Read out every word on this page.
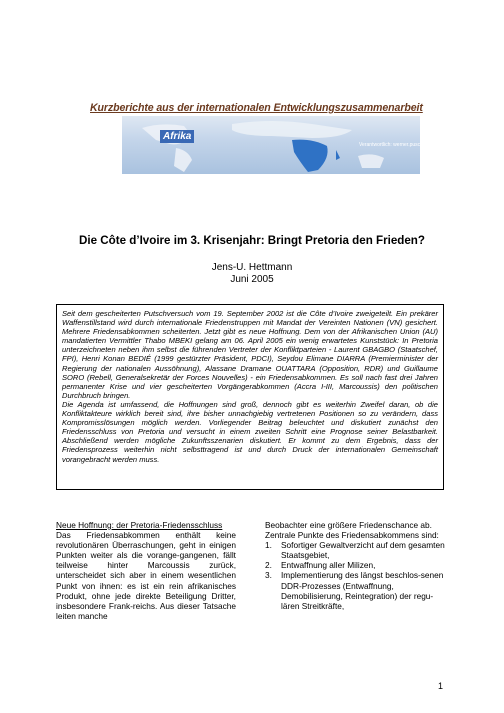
Kurzberichte aus der internationalen Entwicklungszusammenarbeit
Afrika
Verantwortlich: werner.puschra@fes.de
Die Côte d’Ivoire im 3. Krisenjahr: Bringt Pretoria den Frieden?
Jens-U. Hettmann
Juni 2005

Seit dem gescheiterten Putschversuch vom 19. September 2002 ist die Côte d’Ivoire zweigeteilt. Ein prekärer Waffenstillstand wird durch internationale Friedenstruppen mit Mandat der Vereinten Nationen (VN) gesichert. Mehrere Friedensabkommen scheiterten. Jetzt gibt es neue Hoffnung. Dem von der Afrikanischen Union (AU) mandatierten Vermittler Thabo MBEKI gelang am 06. April 2005 ein wenig erwartetes Kunststück: In Pretoria unterzeichneten neben ihm selbst die führenden Vertreter der Konfliktparteien - Laurent GBAGBO (Staatschef, FPI), Henri Konan BEDIÉ (1999 gestürzter Präsident, PDCI), Seydou Elimane DIARRA (Premierminister der Regierung der nationalen Aussöhnung), Alassane Dramane OUATTARA (Opposition, RDR) und Guillaume SORO (Rebell, Generalsekretär der Forces Nouvelles) - ein Friedensabkommen. Es soll nach fast drei Jahren permanenter Krise und vier gescheiterten Vorgängerabkommen (Accra I-III, Marcoussis) den politischen Durchbruch bringen.

Die Agenda ist umfassend, die Hoffnungen sind groß, dennoch gibt es weiterhin Zweifel daran, ob die Konfliktakteure wirklich bereit sind, ihre bisher unnachgiebig vertretenen Positionen so zu verändern, dass Kompromisslösungen möglich werden. Vorliegender Beitrag beleuchtet und diskutiert zunächst den Friedensschluss von Pretoria und versucht in einem zweiten Schritt eine Prognose seiner Belastbarkeit. Abschließend werden mögliche Zukunftsszenarien diskutiert. Er kommt zu dem Ergebnis, dass der Friedensprozess weiterhin nicht selbsttragend ist und durch Druck der internationalen Gemeinschaft vorangebracht werden muss.

Neue Hoffnung: der Pretoria-Friedensschluss

Das Friedensabkommen enthält keine revolutionären Überraschungen, geht in einigen Punkten weiter als die vorange-gangenen, fällt teilweise hinter Marcoussis zurück, unterscheidet sich aber in einem wesentlichen Punkt von ihnen: es ist ein rein afrikanisches Produkt, ohne jede direkte Beteiligung Dritter, insbesondere Frank-reichs. Aus dieser Tatsache leiten manche

Beobachter eine größere Friedenschance ab.

Zentrale Punkte des Friedensabkommens sind:

1. Sofortiger Gewaltverzicht auf dem gesamten Staatsgebiet,
2. Entwaffnung aller Milizen,
3. Implementierung des längst beschlos-senen DDR-Prozesses (Entwaffnung, Demobilisierung, Reintegration) der regu-lären Streitkräfte,
1
